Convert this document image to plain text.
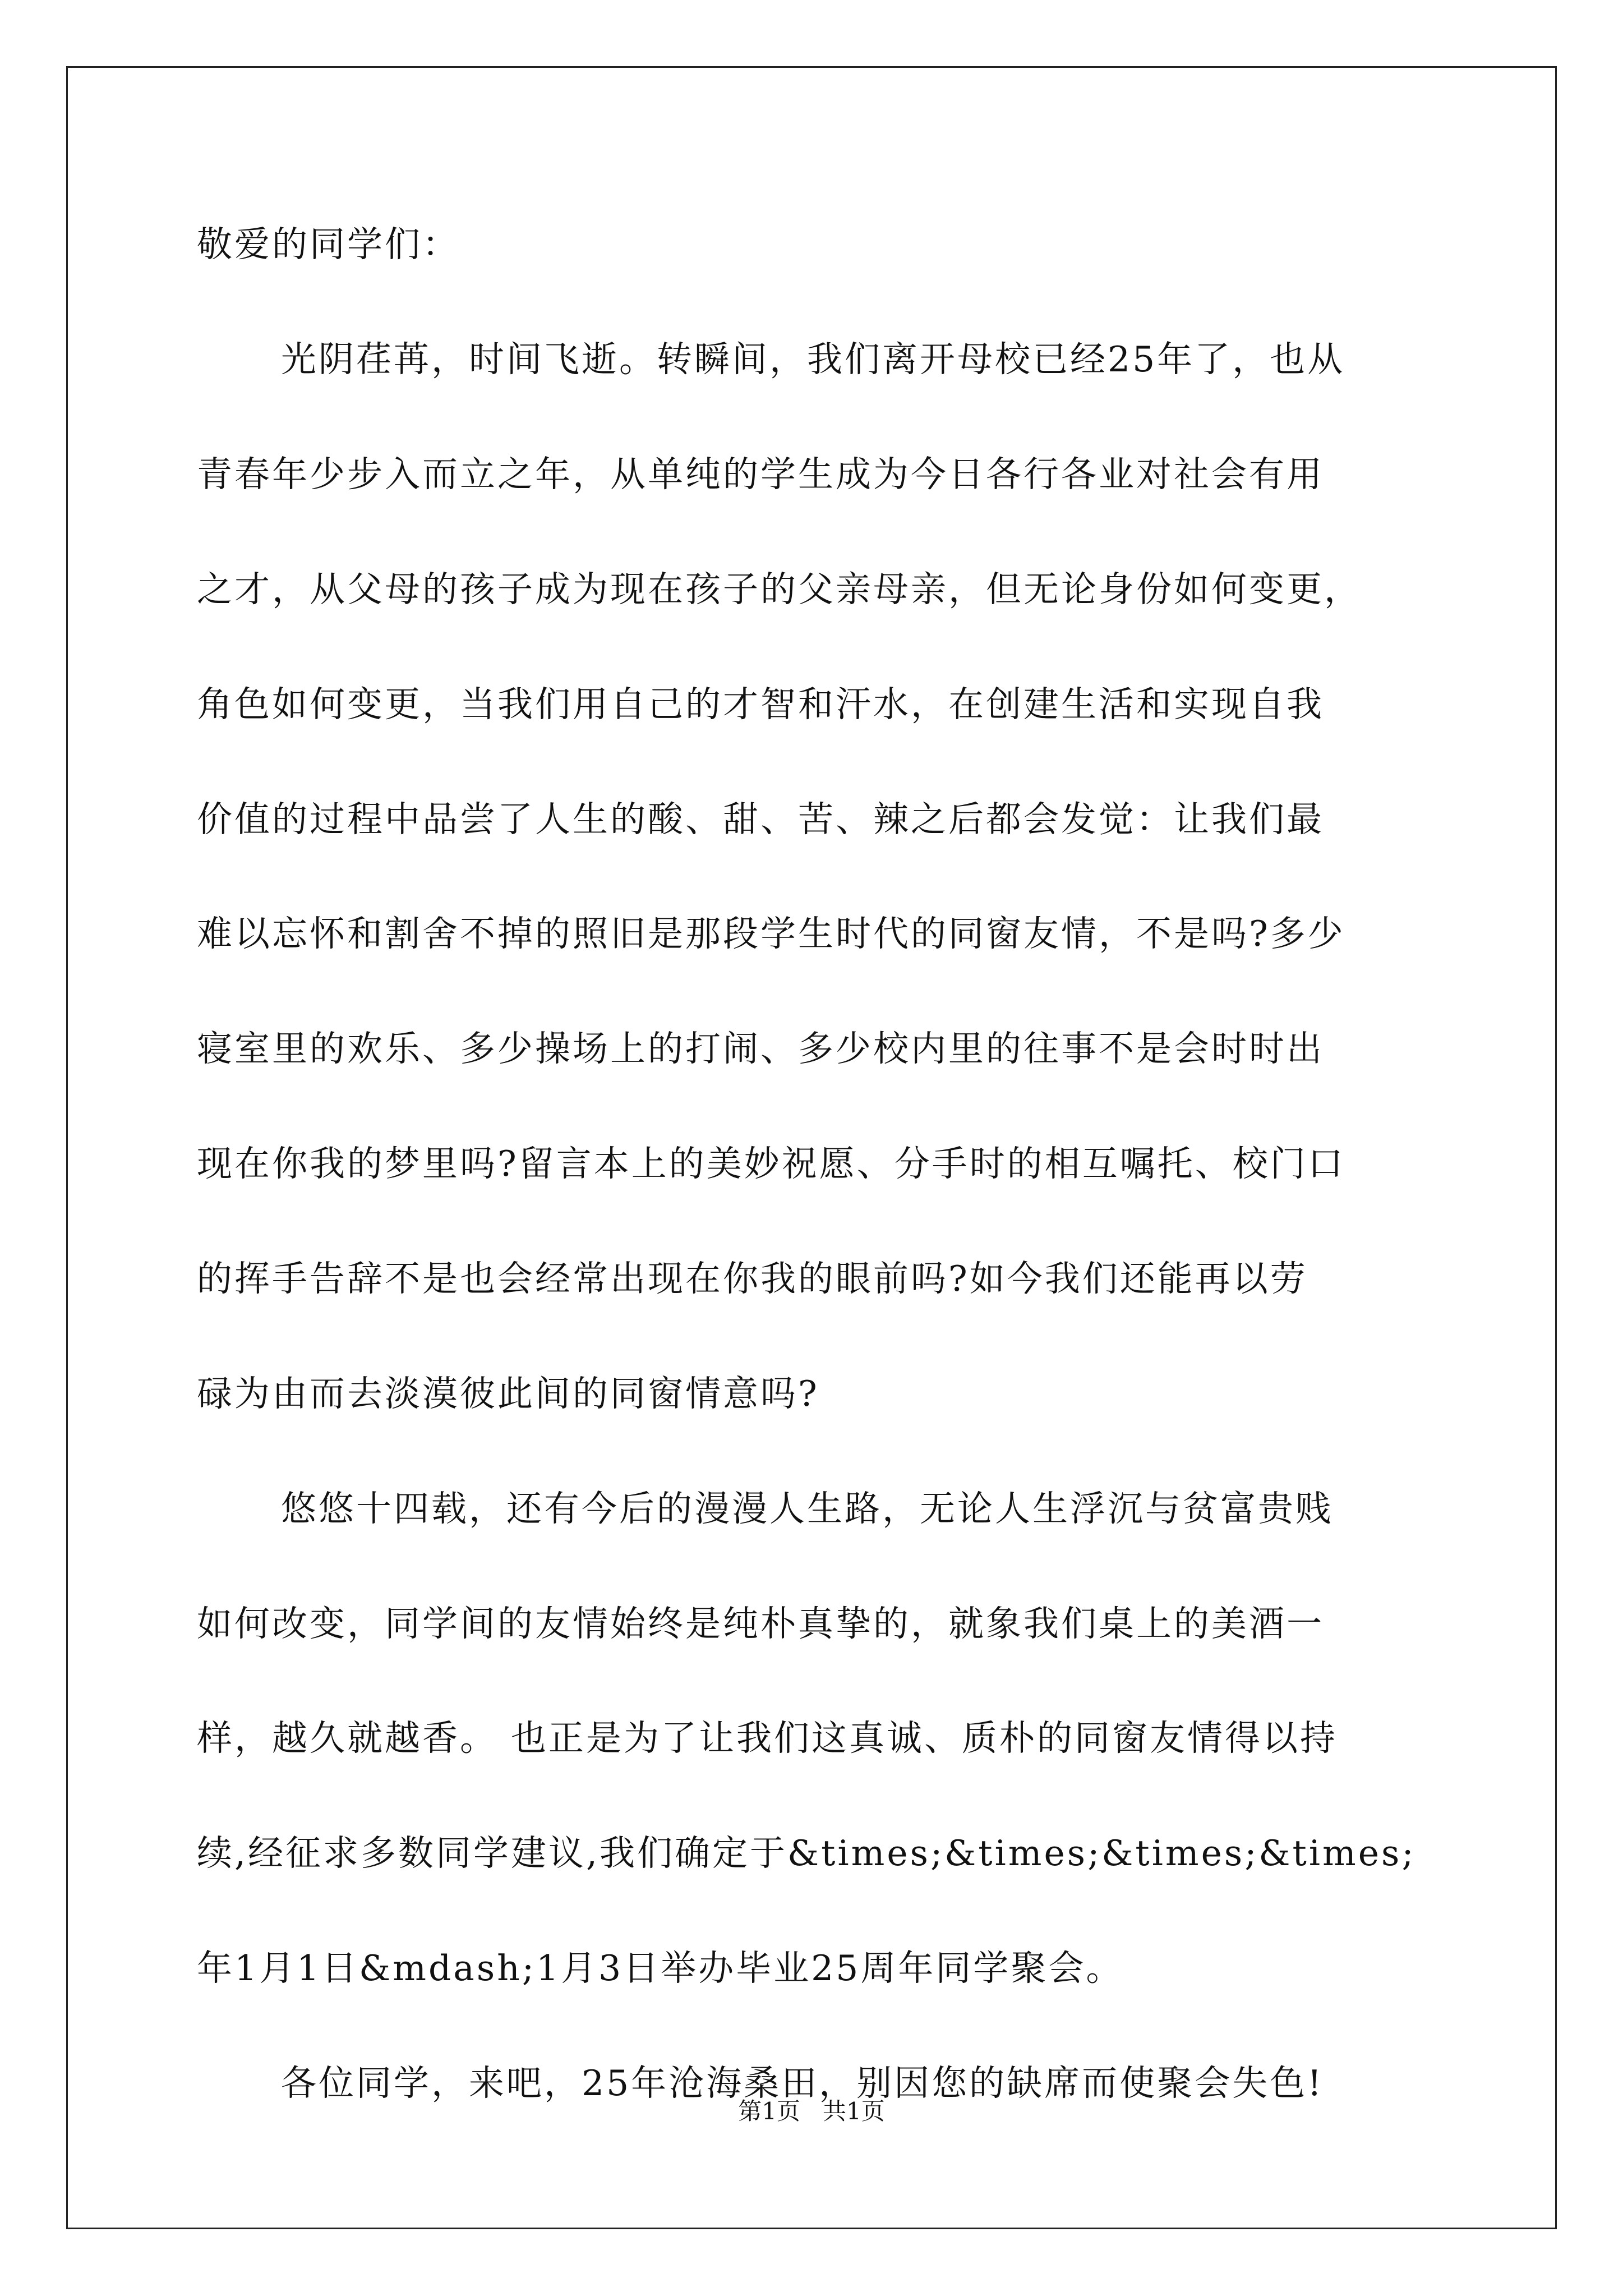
敬爱的同学们：
光阴荏苒，时间飞逝。转瞬间，我们离开母校已经25年了，也从
青春年少步入而立之年，从单纯的学生成为今日各行各业对社会有用
之才，从父母的孩子成为现在孩子的父亲母亲，但无论身份如何变更，
角色如何变更，当我们用自己的才智和汗水，在创建生活和实现自我
价值的过程中品尝了人生的酸、甜、苦、辣之后都会发觉：让我们最
难以忘怀和割舍不掉的照旧是那段学生时代的同窗友情，不是吗?多少
寝室里的欢乐、多少操场上的打闹、多少校内里的往事不是会时时出
现在你我的梦里吗?留言本上的美妙祝愿、分手时的相互嘱托、校门口
的挥手告辞不是也会经常出现在你我的眼前吗?如今我们还能再以劳
碌为由而去淡漠彼此间的同窗情意吗?
悠悠十四载，还有今后的漫漫人生路，无论人生浮沉与贫富贵贱
如何改变，同学间的友情始终是纯朴真挚的，就象我们桌上的美酒一
样，越久就越香。 也正是为了让我们这真诚、质朴的同窗友情得以持
续,经征求多数同学建议,我们确定于&times;&times;&times;&times;
年1月1日&mdash;1月3日举办毕业25周年同学聚会。
各位同学，来吧，25年沧海桑田，别因您的缺席而使聚会失色!
第1页   共1页
